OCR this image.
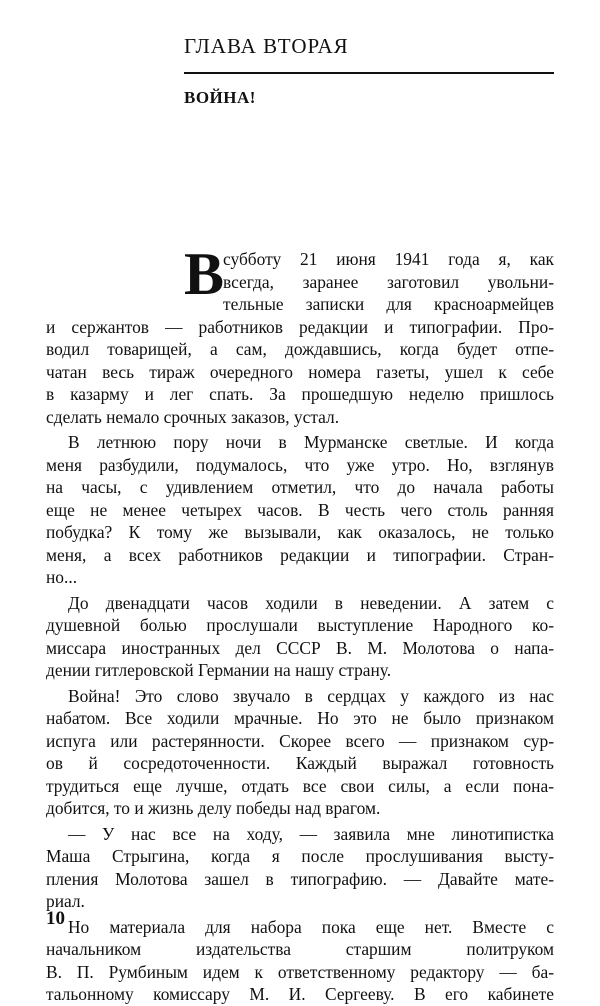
ГЛАВА ВТОРАЯ
ВОЙНА!
В
субботу 21 июня 1941 года я, как
всегда, заранее заготовил увольни-
тельные записки для красноармейцев
и сержантов — работников редакции и типографии. Про-
водил товарищей, а сам, дождавшись, когда будет отпе-
чатан весь тираж очередного номера газеты, ушел к себе
в казарму и лег спать. За прошедшую неделю пришлось
сделать немало срочных заказов, устал.
В летнюю пору ночи в Мурманске светлые. И когда
меня разбудили, подумалось, что уже утро. Но, взглянув
на часы, с удивлением отметил, что до начала работы
еще не менее четырех часов. В честь чего столь ранняя
побудка? К тому же вызывали, как оказалось, не только
меня, а всех работников редакции и типографии. Стран-
но...
До двенадцати часов ходили в неведении. А затем с
душевной болью прослушали выступление Народного ко-
миссара иностранных дел СССР В. М. Молотова о напа-
дении гитлеровской Германии на нашу страну.
Война! Это слово звучало в сердцах у каждого из нас
набатом. Все ходили мрачные. Но это не было признаком
испуга или растерянности. Скорее всего — признаком сур-
ов й сосредоточенности. Каждый выражал готовность
трудиться еще лучше, отдать все свои силы, а если пона-
добится, то и жизнь делу победы над врагом.
— У нас все на ходу, — заявила мне линотипистка
Маша Стрыгина, когда я после прослушивания высту-
пления Молотова зашел в типографию. — Давайте мате-
риал.
Но материала для набора пока еще нет. Вместе с
начальником издательства старшим политруком
В. П. Румбиным идем к ответственному редактору — ба-
тальонному комиссару М. И. Сергееву. В его кабинете
10
